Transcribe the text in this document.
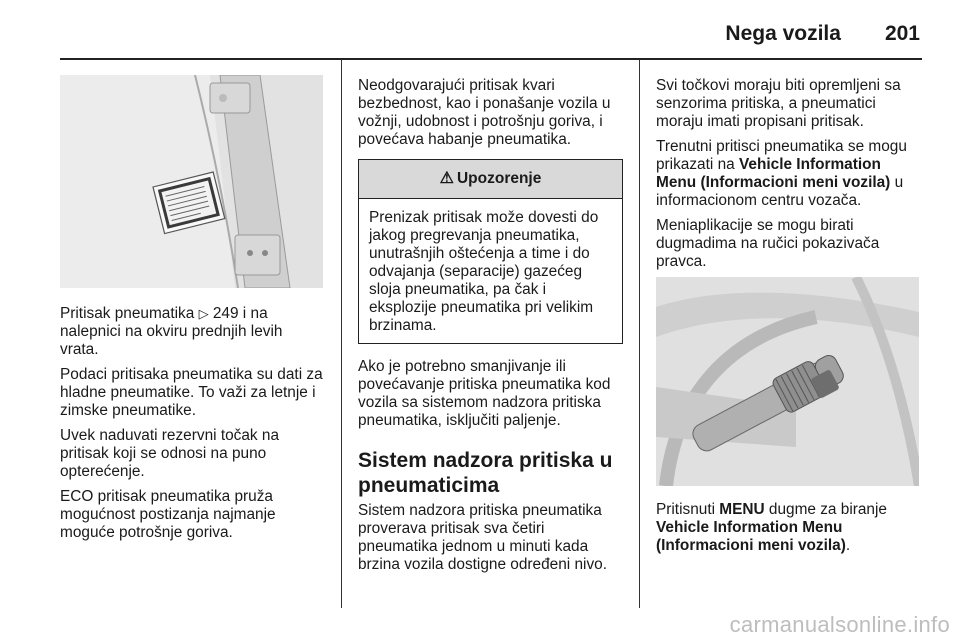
Nega vozila 201

Pritisak pneumatika ▷ 249 i na nalepnici na okviru prednjih levih vrata.

Podaci pritisaka pneumatika su dati za hladne pneumatike. To važi za letnje i zimske pneumatike.

Uvek naduvati rezervni točak na pritisak koji se odnosi na puno opterećenje.

ECO pritisak pneumatika pruža mogućnost postizanja najmanje moguće potrošnje goriva.

Neodgovarajući pritisak kvari bezbednost, kao i ponašanje vozila u vožnji, udobnost i potrošnju goriva, i povećava habanje pneumatika.

⚠ Upozorenje
Prenizak pritisak može dovesti do jakog pregrevanja pneumatika, unutrašnjih oštećenja a time i do odvajanja (separacije) gazećeg sloja pneumatika, pa čak i eksplozije pneumatika pri velikim brzinama.

Ako je potrebno smanjivanje ili povećavanje pritiska pneumatika kod vozila sa sistemom nadzora pritiska pneumatika, isključiti paljenje.

Sistem nadzora pritiska u pneumaticima

Sistem nadzora pritiska pneumatika proverava pritisak sva četiri pneumatika jednom u minuti kada brzina vozila dostigne određeni nivo.

Svi točkovi moraju biti opremljeni sa senzorima pritiska, a pneumatici moraju imati propisani pritisak.

Trenutni pritisci pneumatika se mogu prikazati na Vehicle Information Menu (Informacioni meni vozila) u informacionom centru vozača.

Meniaplikacije se mogu birati dugmadima na ručici pokazivača pravca.

Pritisnuti MENU dugme za biranje Vehicle Information Menu (Informacioni meni vozila).

carmanualsonline.info
